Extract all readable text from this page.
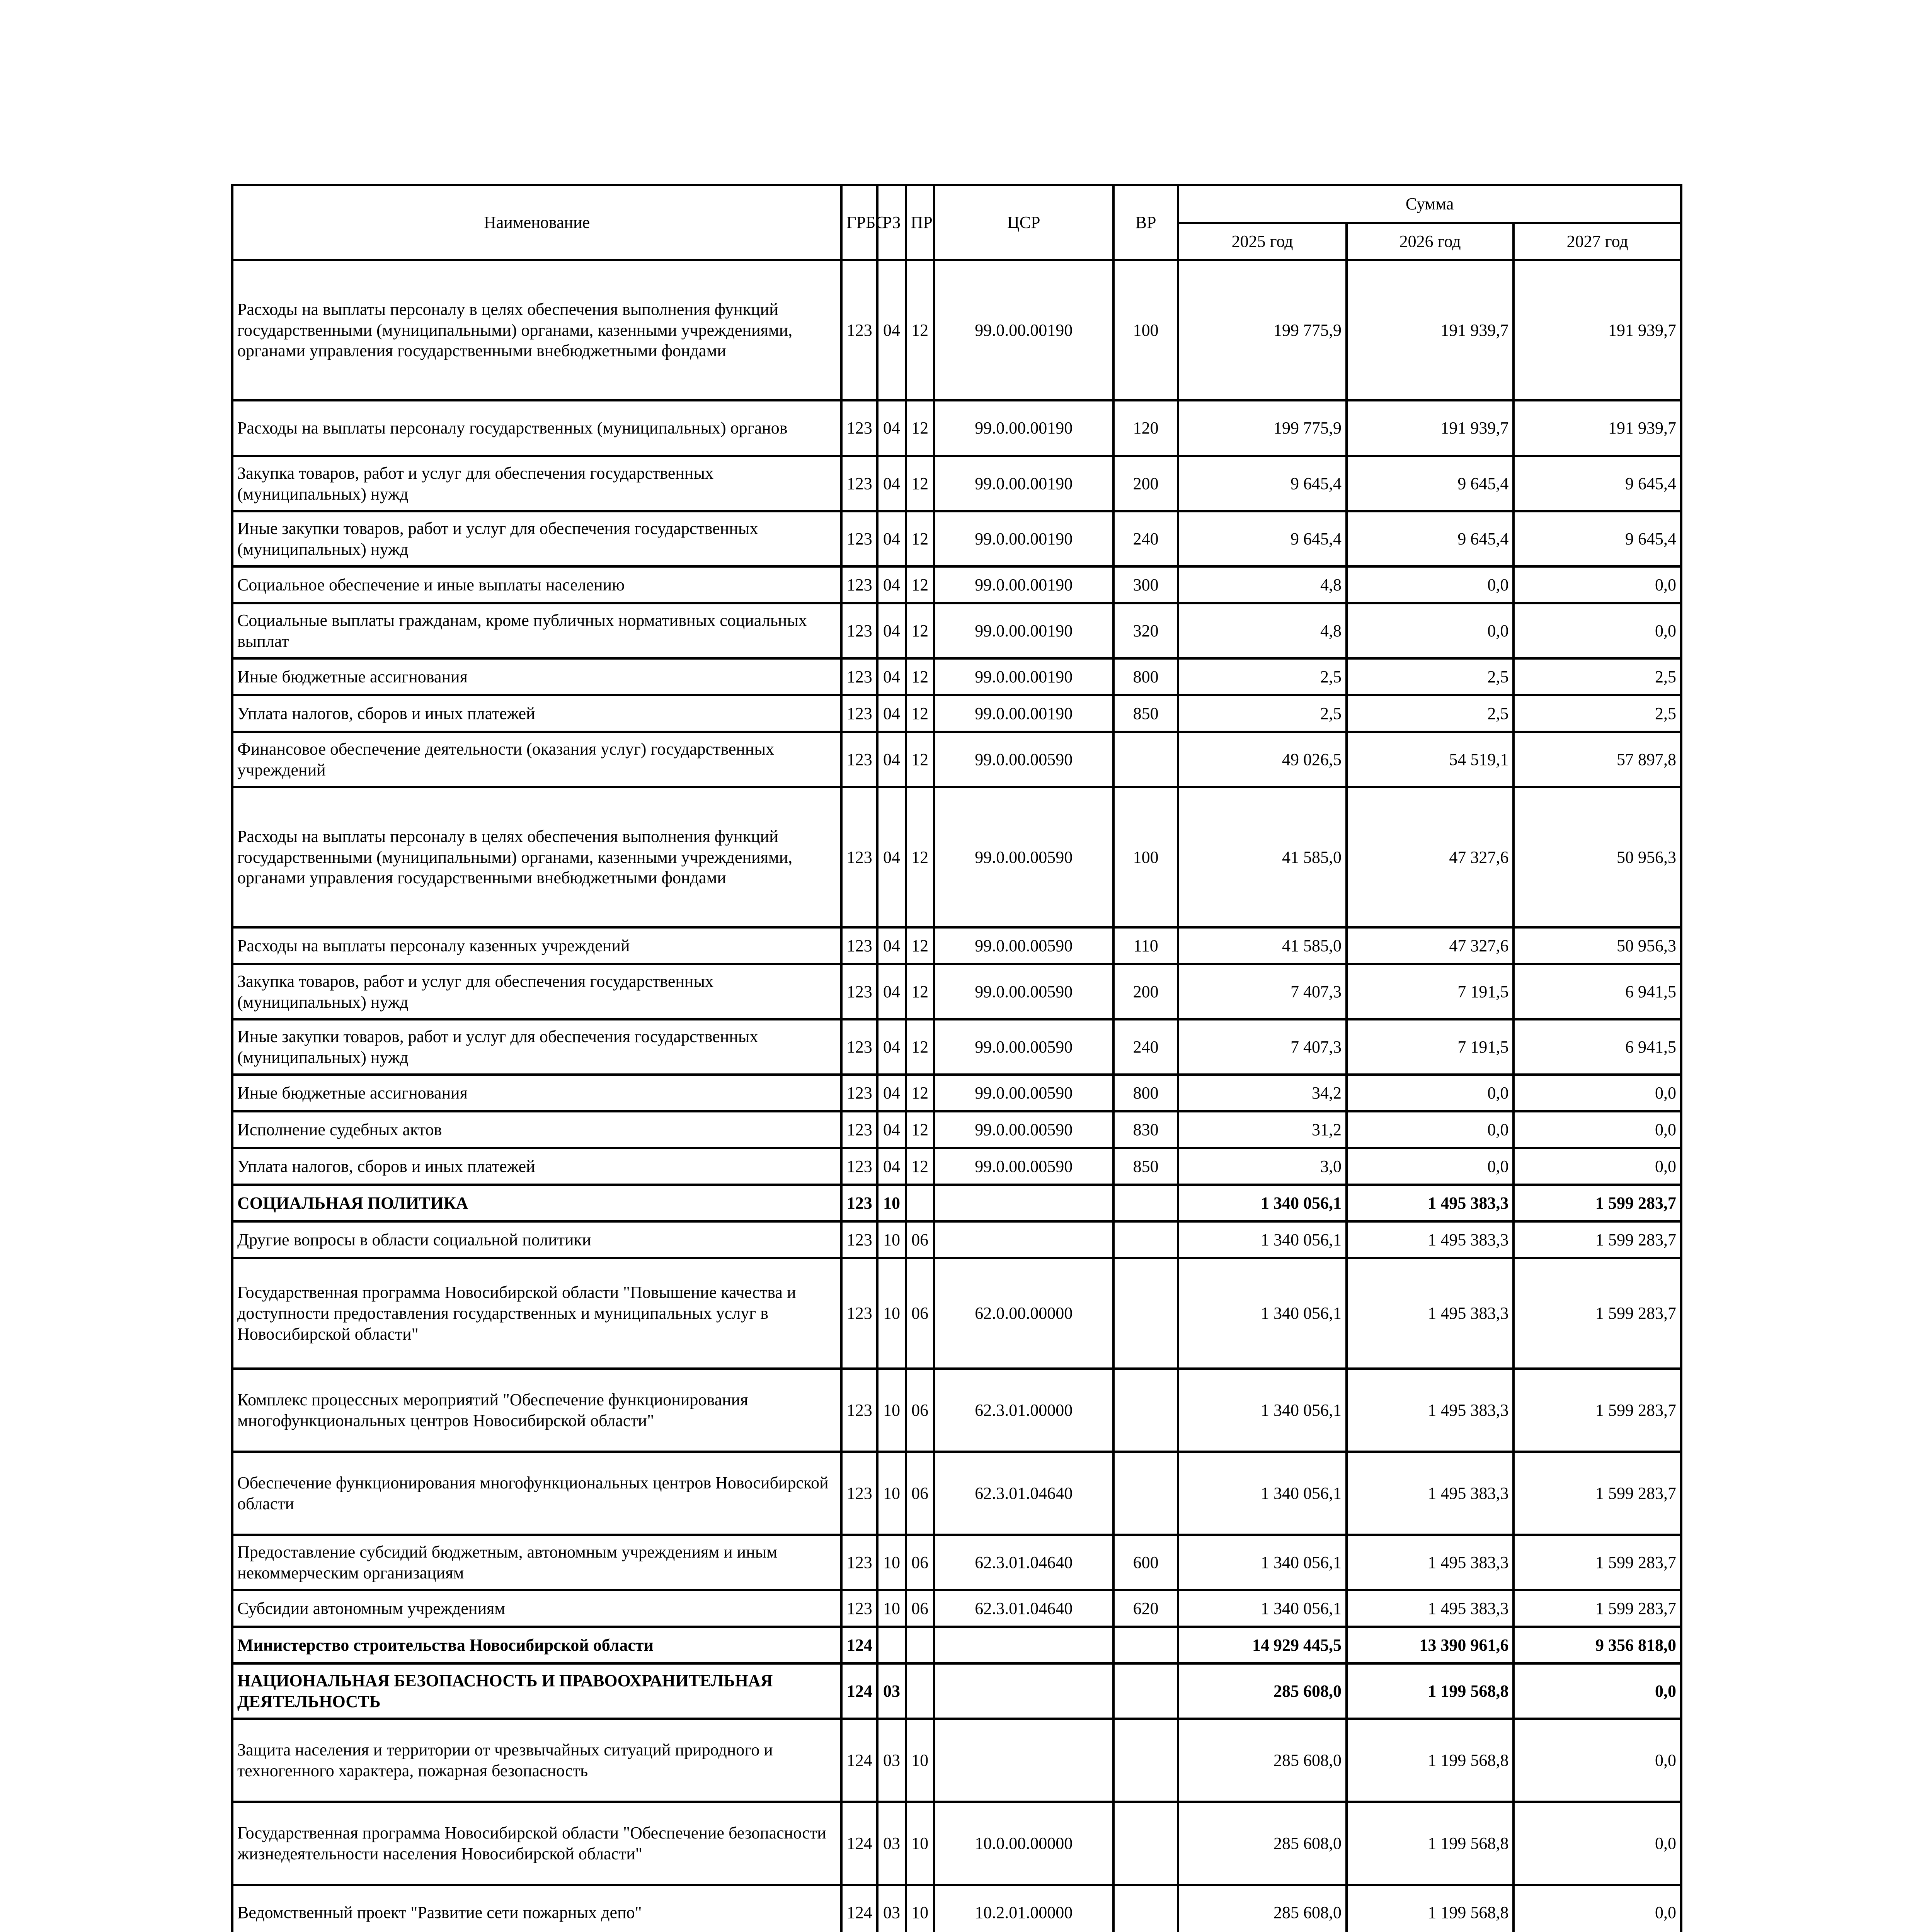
Наименование	ГРБС	РЗ	ПР	ЦСР	ВР	Сумма		
						2025 год	2026 год	2027 год
Расходы на выплаты персоналу в целях обеспечения выполнения функций государственными (муниципальными) органами, казенными учреждениями, органами управления государственными внебюджетными фондами	123	04	12	99.0.00.00190	100	199 775,9	191 939,7	191 939,7
Расходы на выплаты персоналу государственных (муниципальных) органов	123	04	12	99.0.00.00190	120	199 775,9	191 939,7	191 939,7
Закупка товаров, работ и услуг для обеспечения государственных (муниципальных) нужд	123	04	12	99.0.00.00190	200	9 645,4	9 645,4	9 645,4
Иные закупки товаров, работ и услуг для обеспечения государственных (муниципальных) нужд	123	04	12	99.0.00.00190	240	9 645,4	9 645,4	9 645,4
Социальное обеспечение и иные выплаты населению	123	04	12	99.0.00.00190	300	4,8	0,0	0,0
Социальные выплаты гражданам, кроме публичных нормативных социальных выплат	123	04	12	99.0.00.00190	320	4,8	0,0	0,0
Иные бюджетные ассигнования	123	04	12	99.0.00.00190	800	2,5	2,5	2,5
Уплата налогов, сборов и иных платежей	123	04	12	99.0.00.00190	850	2,5	2,5	2,5
Финансовое обеспечение деятельности (оказания услуг) государственных учреждений	123	04	12	99.0.00.00590		49 026,5	54 519,1	57 897,8
Расходы на выплаты персоналу в целях обеспечения выполнения функций государственными (муниципальными) органами, казенными учреждениями, органами управления государственными внебюджетными фондами	123	04	12	99.0.00.00590	100	41 585,0	47 327,6	50 956,3
Расходы на выплаты персоналу казенных учреждений	123	04	12	99.0.00.00590	110	41 585,0	47 327,6	50 956,3
Закупка товаров, работ и услуг для обеспечения государственных (муниципальных) нужд	123	04	12	99.0.00.00590	200	7 407,3	7 191,5	6 941,5
Иные закупки товаров, работ и услуг для обеспечения государственных (муниципальных) нужд	123	04	12	99.0.00.00590	240	7 407,3	7 191,5	6 941,5
Иные бюджетные ассигнования	123	04	12	99.0.00.00590	800	34,2	0,0	0,0
Исполнение судебных актов	123	04	12	99.0.00.00590	830	31,2	0,0	0,0
Уплата налогов, сборов и иных платежей	123	04	12	99.0.00.00590	850	3,0	0,0	0,0
СОЦИАЛЬНАЯ ПОЛИТИКА	123	10				1 340 056,1	1 495 383,3	1 599 283,7
Другие вопросы в области социальной политики	123	10	06			1 340 056,1	1 495 383,3	1 599 283,7
Государственная программа Новосибирской области "Повышение качества и доступности предоставления государственных и муниципальных услуг в Новосибирской области"	123	10	06	62.0.00.00000		1 340 056,1	1 495 383,3	1 599 283,7
Комплекс процессных мероприятий "Обеспечение функционирования многофункциональных центров Новосибирской области"	123	10	06	62.3.01.00000		1 340 056,1	1 495 383,3	1 599 283,7
Обеспечение функционирования многофункциональных центров Новосибирской области	123	10	06	62.3.01.04640		1 340 056,1	1 495 383,3	1 599 283,7
Предоставление субсидий бюджетным, автономным учреждениям и иным некоммерческим организациям	123	10	06	62.3.01.04640	600	1 340 056,1	1 495 383,3	1 599 283,7
Субсидии автономным учреждениям	123	10	06	62.3.01.04640	620	1 340 056,1	1 495 383,3	1 599 283,7
Министерство строительства Новосибирской области	124					14 929 445,5	13 390 961,6	9 356 818,0
НАЦИОНАЛЬНАЯ БЕЗОПАСНОСТЬ И ПРАВООХРАНИТЕЛЬНАЯ ДЕЯТЕЛЬНОСТЬ	124	03				285 608,0	1 199 568,8	0,0
Защита населения и территории от чрезвычайных ситуаций природного и техногенного характера, пожарная безопасность	124	03	10			285 608,0	1 199 568,8	0,0
Государственная программа Новосибирской области "Обеспечение безопасности жизнедеятельности населения Новосибирской области"	124	03	10	10.0.00.00000		285 608,0	1 199 568,8	0,0
Ведомственный проект "Развитие сети пожарных депо"	124	03	10	10.2.01.00000		285 608,0	1 199 568,8	0,0
